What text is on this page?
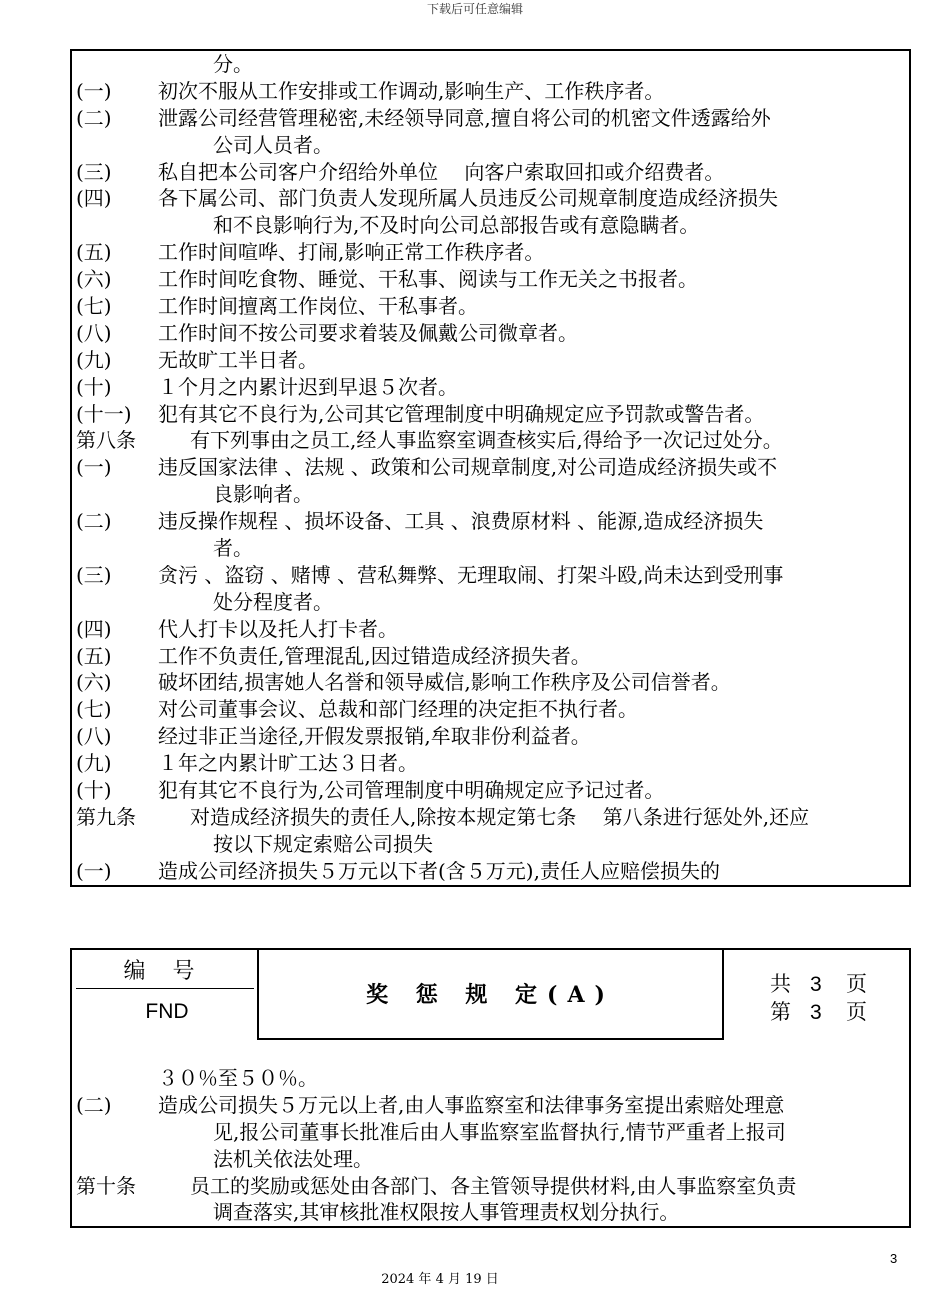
下载后可任意编辑
分。
(一) 初次不服从工作安排或工作调动,影响生产、工作秩序者。
(二) 泄露公司经营管理秘密,未经领导同意,擅自将公司的机密文件透露给外
公司人员者。
(三) 私自把本公司客户介绍给外单位　 向客户索取回扣或介绍费者。
(四) 各下属公司、部门负责人发现所属人员违反公司规章制度造成经济损失
和不良影响行为,不及时向公司总部报告或有意隐瞒者。
(五) 工作时间喧哗、打闹,影响正常工作秩序者。
(六) 工作时间吃食物、睡觉、干私事、阅读与工作无关之书报者。
(七) 工作时间擅离工作岗位、干私事者。
(八) 工作时间不按公司要求着装及佩戴公司微章者。
(九) 无故旷工半日者。
(十) １个月之内累计迟到早退５次者。
(十一) 犯有其它不良行为,公司其它管理制度中明确规定应予罚款或警告者。
第八条	有下列事由之员工,经人事监察室调查核实后,得给予一次记过处分。
(一) 违反国家法律 、法规 、政策和公司规章制度,对公司造成经济损失或不
良影响者。
(二) 违反操作规程 、损坏设备、工具 、浪费原材料 、能源,造成经济损失
者。
(三) 贪污 、盗窃 、赌博 、营私舞弊、无理取闹、打架斗殴,尚未达到受刑事
处分程度者。
(四) 代人打卡以及托人打卡者。
(五) 工作不负责任,管理混乱,因过错造成经济损失者。
(六) 破坏团结,损害她人名誉和领导威信,影响工作秩序及公司信誉者。
(七) 对公司董事会议、总裁和部门经理的决定拒不执行者。
(八) 经过非正当途径,开假发票报销,牟取非份利益者。
(九) １年之内累计旷工达３日者。
(十) 犯有其它不良行为,公司管理制度中明确规定应予记过者。
第九条	对造成经济损失的责任人,除按本规定第七条　 第八条进行惩处外,还应
按以下规定索赔公司损失
(一) 造成公司经济损失５万元以下者(含５万元),责任人应赔偿损失的
编 号
FND
奖 惩 规 定(A)	共 3 页
第 3 页
３０％至５０％。
(二) 造成公司损失５万元以上者,由人事监察室和法律事务室提出索赔处理意
见,报公司董事长批准后由人事监察室监督执行,情节严重者上报司
法机关依法处理。
第十条	员工的奖励或惩处由各部门、各主管领导提供材料,由人事监察室负责
调查落实,其审核批准权限按人事管理责权划分执行。
3
2024 年 4 月 19 日
